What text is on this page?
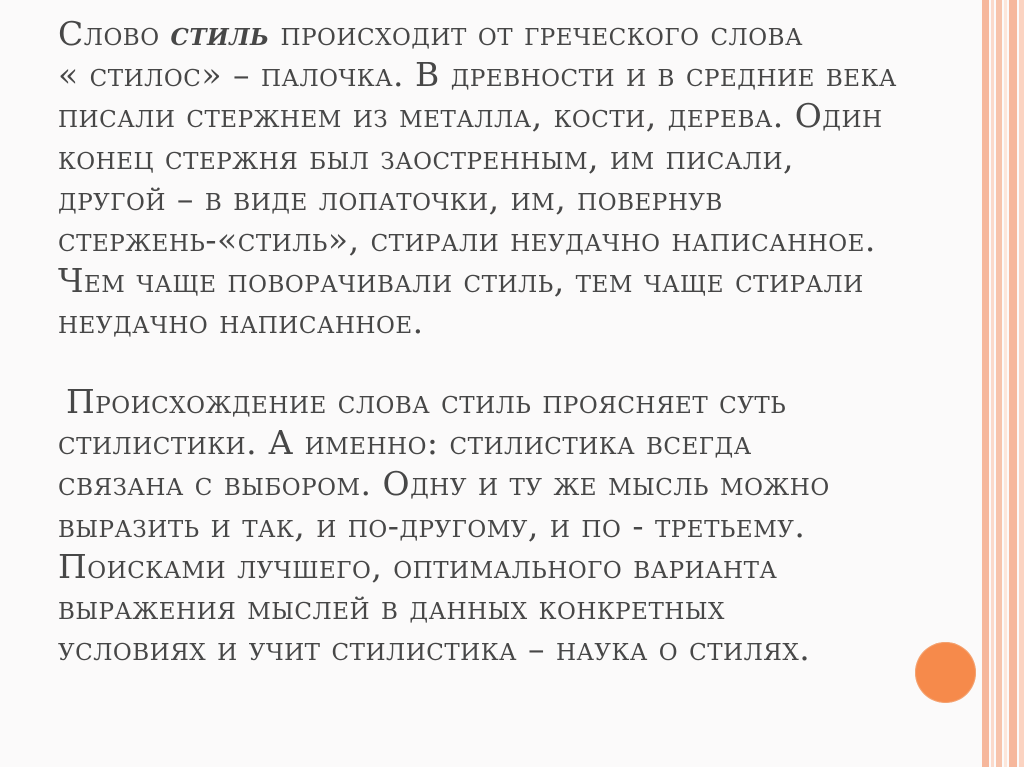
Слово стиль происходит от греческого слова
« стилос» – палочка. В древности и в средние века
писали стержнем из металла, кости, дерева. Один
конец стержня был заостренным, им писали,
другой – в виде лопаточки, им, повернув
стержень-«стиль», стирали неудачно написанное.
Чем чаще поворачивали стиль, тем чаще стирали
неудачно написанное.
Происхождение слова стиль проясняет суть
стилистики. А именно: стилистика всегда
связана с выбором. Одну и ту же мысль можно
выразить и так, и по-другому, и по - третьему.
Поисками лучшего, оптимального варианта
выражения мыслей в данных конкретных
условиях и учит стилистика – наука о стилях.
